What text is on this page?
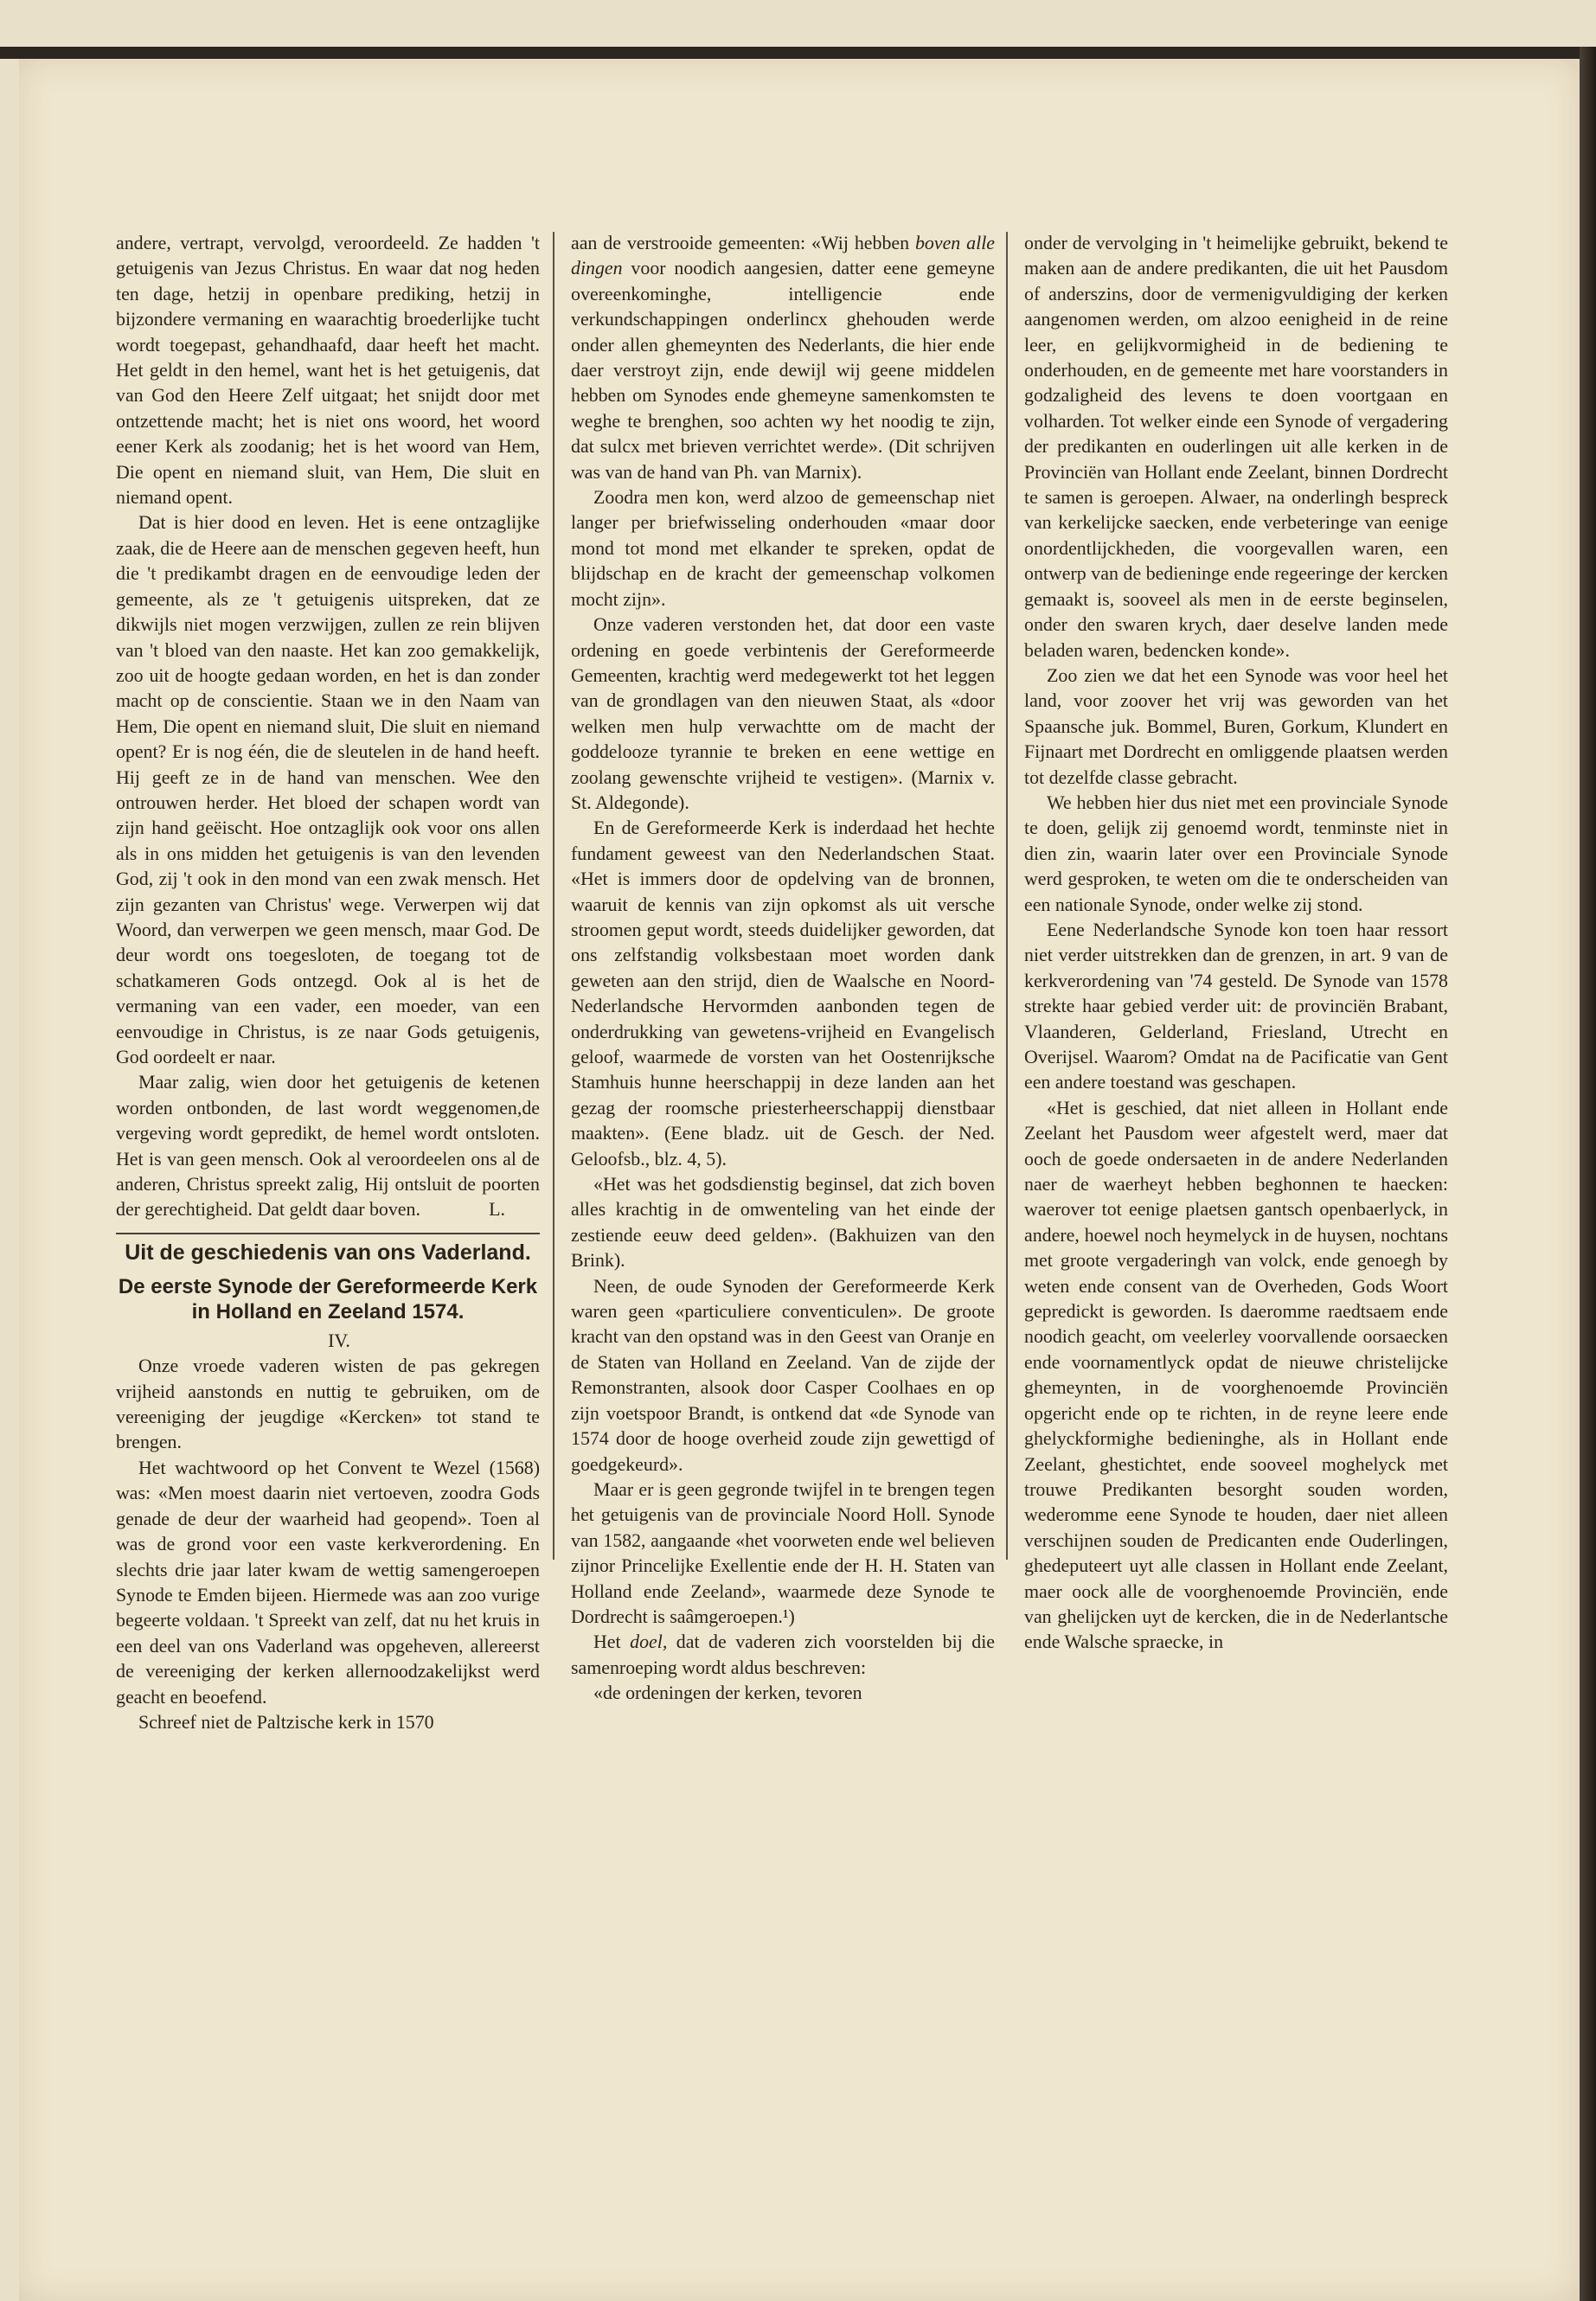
andere, vertrapt, vervolgd, veroordeeld. Ze hadden 't getuigenis van Jezus Christus. En waar dat nog heden ten dage, hetzij in openbare prediking, hetzij in bijzondere vermaning en waarachtig broederlijke tucht wordt toegepast, gehandhaafd, daar heeft het macht. Het geldt in den hemel, want het is het getuigenis, dat van God den Heere Zelf uitgaat; het snijdt door met ontzettende macht; het is niet ons woord, het woord eener Kerk als zoodanig; het is het woord van Hem, Die opent en niemand sluit, van Hem, Die sluit en niemand opent.

Dat is hier dood en leven. Het is eene ontzaglijke zaak, die de Heere aan de menschen gegeven heeft, hun die 't predikambt dragen en de eenvoudige leden der gemeente, als ze 't getuigenis uitspreken, dat ze dikwijls niet mogen verzwijgen, zullen ze rein blijven van 't bloed van den naaste. Het kan zoo gemakkelijk, zoo uit de hoogte gedaan worden, en het is dan zonder macht op de conscientie. Staan we in den Naam van Hem, Die opent en niemand sluit, Die sluit en niemand opent? Er is nog één, die de sleutelen in de hand heeft. Hij geeft ze in de hand van menschen. Wee den ontrouwen herder. Het bloed der schapen wordt van zijn hand geëischt. Hoe ontzaglijk ook voor ons allen als in ons midden het getuigenis is van den levenden God, zij 't ook in den mond van een zwak mensch. Het zijn gezanten van Christus' wege. Verwerpen wij dat Woord, dan verwerpen we geen mensch, maar God. De deur wordt ons toegesloten, de toegang tot de schatkameren Gods ontzegd. Ook al is het de vermaning van een vader, een moeder, van een eenvoudige in Christus, is ze naar Gods getuigenis, God oordeelt er naar.

Maar zalig, wien door het getuigenis de ketenen worden ontbonden, de last wordt weggenomen,de vergeving wordt gepredikt, de hemel wordt ontsloten. Het is van geen mensch. Ook al veroordeelen ons al de anderen, Christus spreekt zalig, Hij ontsluit de poorten der gerechtigheid. Dat geldt daar boven.	L.

Uit de geschiedenis van ons Vaderland.
De eerste Synode der Gereformeerde Kerk in Holland en Zeeland 1574.

IV.

Onze vroede vaderen wisten de pas gekregen vrijheid aanstonds en nuttig te gebruiken, om de vereeniging der jeugdige «Kercken» tot stand te brengen.

Het wachtwoord op het Convent te Wezel (1568) was: «Men moest daarin niet vertoeven, zoodra Gods genade de deur der waarheid had geopend». Toen al was de grond voor een vaste kerkverordening. En slechts drie jaar later kwam de wettig samengeroepen Synode te Emden bijeen. Hiermede was aan zoo vurige begeerte voldaan. 't Spreekt van zelf, dat nu het kruis in een deel van ons Vaderland was opgeheven, allereerst de vereeniging der kerken allernoodzakelijkst werd geacht en beoefend.

Schreef niet de Paltzische kerk in 1570

aan de verstrooide gemeenten: «Wij hebben boven alle dingen voor noodich aangesien, datter eene gemeyne overeenkominghe, intelligencie ende verkundschappingen onderlincx ghehouden werde onder allen ghemeynten des Nederlants, die hier ende daer verstroyt zijn, ende dewijl wij geene middelen hebben om Synodes ende ghemeyne samenkomsten te weghe te brenghen, soo achten wy het noodig te zijn, dat sulcx met brieven verrichtet werde». (Dit schrijven was van de hand van Ph. van Marnix).

Zoodra men kon, werd alzoo de gemeenschap niet langer per briefwisseling onderhouden «maar door mond tot mond met elkander te spreken, opdat de blijdschap en de kracht der gemeenschap volkomen mocht zijn».

Onze vaderen verstonden het, dat door een vaste ordening en goede verbintenis der Gereformeerde Gemeenten, krachtig werd medegewerkt tot het leggen van de grondlagen van den nieuwen Staat, als «door welken men hulp verwachtte om de macht der goddelooze tyrannie te breken en eene wettige en zoolang gewenschte vrijheid te vestigen». (Marnix v. St. Aldegonde).

En de Gereformeerde Kerk is inderdaad het hechte fundament geweest van den Nederlandschen Staat. «Het is immers door de opdelving van de bronnen, waaruit de kennis van zijn opkomst als uit versche stroomen geput wordt, steeds duidelijker geworden, dat ons zelfstandig volksbestaan moet worden dank geweten aan den strijd, dien de Waalsche en Noord-Nederlandsche Hervormden aanbonden tegen de onderdrukking van gewetens-vrijheid en Evangelisch geloof, waarmede de vorsten van het Oostenrijksche Stamhuis hunne heerschappij in deze landen aan het gezag der roomsche priesterheerschappij dienstbaar maakten». (Eene bladz. uit de Gesch. der Ned. Geloofsb., blz. 4, 5).

«Het was het godsdienstig beginsel, dat zich boven alles krachtig in de omwenteling van het einde der zestiende eeuw deed gelden». (Bakhuizen van den Brink).

Neen, de oude Synoden der Gereformeerde Kerk waren geen «particuliere conventiculen». De groote kracht van den opstand was in den Geest van Oranje en de Staten van Holland en Zeeland. Van de zijde der Remonstranten, alsook door Casper Coolhaes en op zijn voetspoor Brandt, is ontkend dat «de Synode van 1574 door de hooge overheid zoude zijn gewettigd of goedgekeurd».

Maar er is geen gegronde twijfel in te brengen tegen het getuigenis van de provinciale Noord Holl. Synode van 1582, aangaande «het voorweten ende wel believen zijnor Princelijke Exellentie ende der H. H. Staten van Holland ende Zeeland», waarmede deze Synode te Dordrecht is saâmgeroepen.¹)

Het doel, dat de vaderen zich voorstelden bij die samenroeping wordt aldus beschreven:

«de ordeningen der kerken, tevoren

onder de vervolging in 't heimelijke gebruikt, bekend te maken aan de andere predikanten, die uit het Pausdom of anderszins, door de vermenigvuldiging der kerken aangenomen werden, om alzoo eenigheid in de reine leer, en gelijkvormigheid in de bediening te onderhouden, en de gemeente met hare voorstanders in godzaligheid des levens te doen voortgaan en volharden. Tot welker einde een Synode of vergadering der predikanten en ouderlingen uit alle kerken in de Provinciën van Hollant ende Zeelant, binnen Dordrecht te samen is geroepen. Alwaer, na onderlingh bespreck van kerkelijcke saecken, ende verbeteringe van eenige onordentlijckheden, die voorgevallen waren, een ontwerp van de bedieninge ende regeeringe der kercken gemaakt is, sooveel als men in de eerste beginselen, onder den swaren krych, daer deselve landen mede beladen waren, bedencken konde».

Zoo zien we dat het een Synode was voor heel het land, voor zoover het vrij was geworden van het Spaansche juk. Bommel, Buren, Gorkum, Klundert en Fijnaart met Dordrecht en omliggende plaatsen werden tot dezelfde classe gebracht.

We hebben hier dus niet met een provinciale Synode te doen, gelijk zij genoemd wordt, tenminste niet in dien zin, waarin later over een Provinciale Synode werd gesproken, te weten om die te onderscheiden van een nationale Synode, onder welke zij stond.

Eene Nederlandsche Synode kon toen haar ressort niet verder uitstrekken dan de grenzen, in art. 9 van de kerkverordening van '74 gesteld. De Synode van 1578 strekte haar gebied verder uit: de provinciën Brabant, Vlaanderen, Gelderland, Friesland, Utrecht en Overijsel. Waarom? Omdat na de Pacificatie van Gent een andere toestand was geschapen.

«Het is geschied, dat niet alleen in Hollant ende Zeelant het Pausdom weer afgestelt werd, maer dat ooch de goede ondersaeten in de andere Nederlanden naer de waerheyt hebben beghonnen te haecken: waerover tot eenige plaetsen gantsch openbaerlyck, in andere, hoewel noch heymelyck in de huysen, nochtans met groote vergaderingh van volck, ende genoegh by weten ende consent van de Overheden, Gods Woort gepredickt is geworden. Is daeromme raedtsaem ende noodich geacht, om veelerley voorvallende oorsaecken ende voornamentlyck opdat de nieuwe christelijcke ghemeynten, in de voorghenoemde Provinciën opgericht ende op te richten, in de reyne leere ende ghelyckformighe bedieninghe, als in Hollant ende Zeelant, ghestichtet, ende sooveel moghelyck met trouwe Predikanten besorght souden worden, wederomme eene Synode te houden, daer niet alleen verschijnen souden de Predicanten ende Ouderlingen, ghedeputeert uyt alle classen in Hollant ende Zeelant, maer oock alle de voorghenoemde Provinciën, ende van ghelijcken uyt de kercken, die in de Nederlantsche ende Walsche spraecke, in
